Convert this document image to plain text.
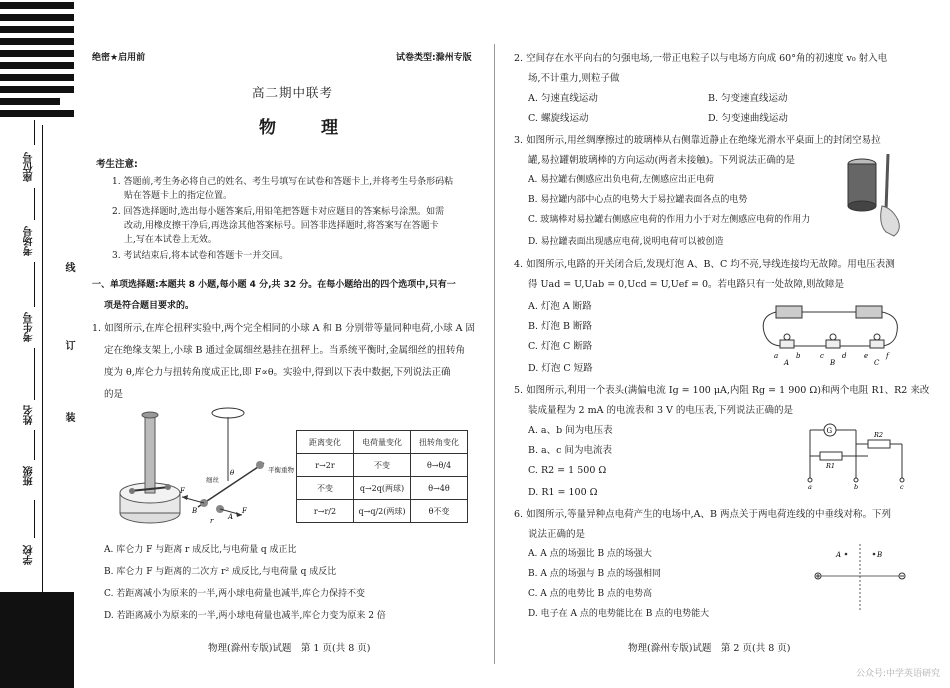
座位号
考场号
考生号
姓名
班级
学校
线
订
装
绝密★启用前	试卷类型:滁州专版
高二期中联考
物　理
考生注意:
1. 答题前,考生务必将自己的姓名、考生号填写在试卷和答题卡上,并将考生号条形码粘
贴在答题卡上的指定位置。
2. 回答选择题时,选出每小题答案后,用铅笔把答题卡对应题目的答案标号涂黑。如需
改动,用橡皮擦干净后,再选涂其他答案标号。回答非选择题时,将答案写在答题卡
上,写在本试卷上无效。
3. 考试结束后,将本试卷和答题卡一并交回。
一、单项选择题:本题共 8 小题,每小题 4 分,共 32 分。在每小题给出的四个选项中,只有一
项是符合题目要求的。
1. 如图所示,在库仑扭秤实验中,两个完全相同的小球 A 和 B 分别带等量同种电荷,小球 A 固
定在绝缘支架上,小球 B 通过金属细丝悬挂在扭秤上。当系统平衡时,金属细丝的扭转角
度为 θ,库仑力与扭转角度成正比,即 F∝θ。实验中,得到以下表中数据,下列说法正确
的是
F
F
B
A
r
θ
细丝
平衡重物
距离变化	电荷量变化	扭转角变化
r→2r	不变	θ→θ/4
不变	q→2q(两球)	θ→4θ
r→r/2	q→q/2(两球)	θ不变
A. 库仑力 F 与距离 r 成反比,与电荷量 q 成正比
B. 库仑力 F 与距离的二次方 r² 成反比,与电荷量 q 成反比
C. 若距离减小为原来的一半,两小球电荷量也减半,库仑力保持不变
D. 若距离减小为原来的一半,两小球电荷量也减半,库仑力变为原来 2 倍
物理(滁州专版)试题　第 1 页(共 8 页)
2. 空间存在水平向右的匀强电场,一带正电粒子以与电场方向成 60°角的初速度 v₀ 射入电
场,不计重力,则粒子做
A. 匀速直线运动	B. 匀变速直线运动
C. 螺旋线运动	D. 匀变速曲线运动
3. 如图所示,用丝绸摩擦过的玻璃棒从右侧靠近静止在绝缘光滑水平桌面上的封闭空易拉
罐,易拉罐朝玻璃棒的方向运动(两者未接触)。下列说法正确的是
A. 易拉罐右侧感应出负电荷,左侧感应出正电荷
B. 易拉罐内部中心点的电势大于易拉罐表面各点的电势
C. 玻璃棒对易拉罐右侧感应电荷的作用力小于对左侧感应电荷的作用力
D. 易拉罐表面出现感应电荷,说明电荷可以被创造
4. 如图所示,电路的开关闭合后,发现灯泡 A、B、C 均不亮,导线连接均无故障。用电压表测
得 Uad = U,Uab = 0,Ucd = U,Uef = 0。若电路只有一处故障,则故障是
A. 灯泡 A 断路
B. 灯泡 B 断路
C. 灯泡 C 断路
D. 灯泡 C 短路
a	b	c	d	e	f
A	B	C
5. 如图所示,利用一个表头(满偏电流 Ig = 100 μA,内阻 Rg = 1 900 Ω)和两个电阻 R1、R2 来改
装成量程为 2 mA 的电流表和 3 V 的电压表,下列说法正确的是
A. a、b 间为电压表
B. a、c 间为电流表
C. R2 = 1 500 Ω
D. R1 = 100 Ω
G
R1
R2
a	b	c
6. 如图所示,等量异种点电荷产生的电场中,A、B 两点关于两电荷连线的中垂线对称。下列
说法正确的是
A. A 点的场强比 B 点的场强大
B. A 点的场强与 B 点的场强相同
C. A 点的电势比 B 点的电势高
D. 电子在 A 点的电势能比在 B 点的电势能大
A	B
物理(滁州专版)试题　第 2 页(共 8 页)
公众号:中学英语研究
